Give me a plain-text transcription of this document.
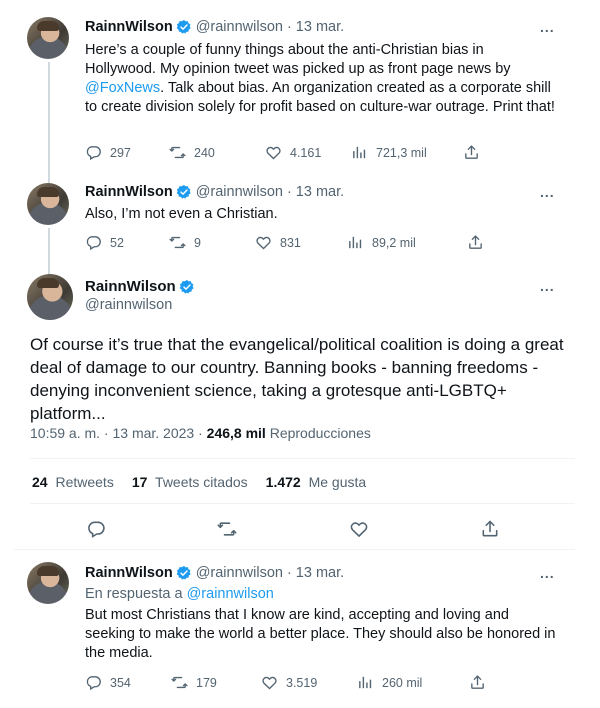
RainnWilson @rainnwilson · 13 mar.	...
Here’s a couple of funny things about the anti-Christian bias in Hollywood. My opinion tweet was picked up as front page news by @FoxNews. Talk about bias. An organization created as a corporate shill to create division solely for profit based on culture-war outrage. Print that!
297	240	4.161	721,3 mil
RainnWilson @rainnwilson · 13 mar.	...
Also, I’m not even a Christian.
52	9	831	89,2 mil
RainnWilson
@rainnwilson
...
Of course it’s true that the evangelical/political coalition is doing a great deal of damage to our country. Banning books - banning freedoms - denying inconvenient science, taking a grotesque anti-LGBTQ+ platform...
10:59 a. m. · 13 mar. 2023 · 246,8 mil Reproducciones
24 Retweets 17 Tweets citados 1.472 Me gusta
RainnWilson @rainnwilson · 13 mar.	...
En respuesta a @rainnwilson
But most Christians that I know are kind, accepting and loving and seeking to make the world a better place. They should also be honored in the media.
354	179	3.519	260 mil
